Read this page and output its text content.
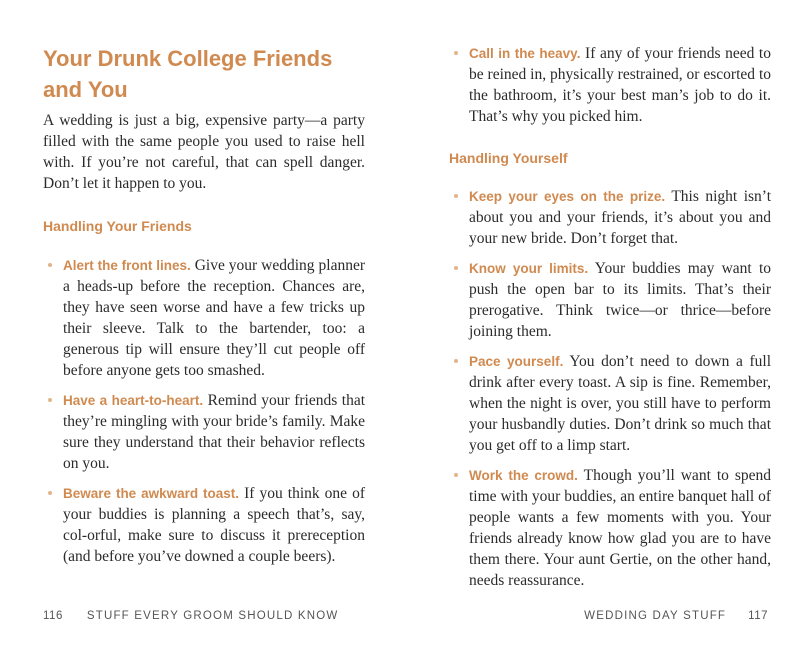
Your Drunk College Friends and You

A wedding is just a big, expensive party—a party filled with the same people you used to raise hell with. If you’re not careful, that can spell danger. Don’t let it happen to you.

Handling Your Friends
Alert the front lines. Give your wedding planner a heads-up before the reception. Chances are, they have seen worse and have a few tricks up their sleeve. Talk to the bartender, too: a generous tip will ensure they’ll cut people off before anyone gets too smashed.
Have a heart-to-heart. Remind your friends that they’re mingling with your bride’s family. Make sure they understand that their behavior reflects on you.
Beware the awkward toast. If you think one of your buddies is planning a speech that’s, say, col-orful, make sure to discuss it prereception (and before you’ve downed a couple beers).
116 STUFF EVERY GROOM SHOULD KNOW
Call in the heavy. If any of your friends need to be reined in, physically restrained, or escorted to the bathroom, it’s your best man’s job to do it. That’s why you picked him.
Handling Yourself
Keep your eyes on the prize. This night isn’t about you and your friends, it’s about you and your new bride. Don’t forget that.
Know your limits. Your buddies may want to push the open bar to its limits. That’s their prerogative. Think twice—or thrice—before joining them.
Pace yourself. You don’t need to down a full drink after every toast. A sip is fine. Remember, when the night is over, you still have to perform your husbandly duties. Don’t drink so much that you get off to a limp start.
Work the crowd. Though you’ll want to spend time with your buddies, an entire banquet hall of people wants a few moments with you. Your friends already know how glad you are to have them there. Your aunt Gertie, on the other hand, needs reassurance.
WEDDING DAY STUFF 117
